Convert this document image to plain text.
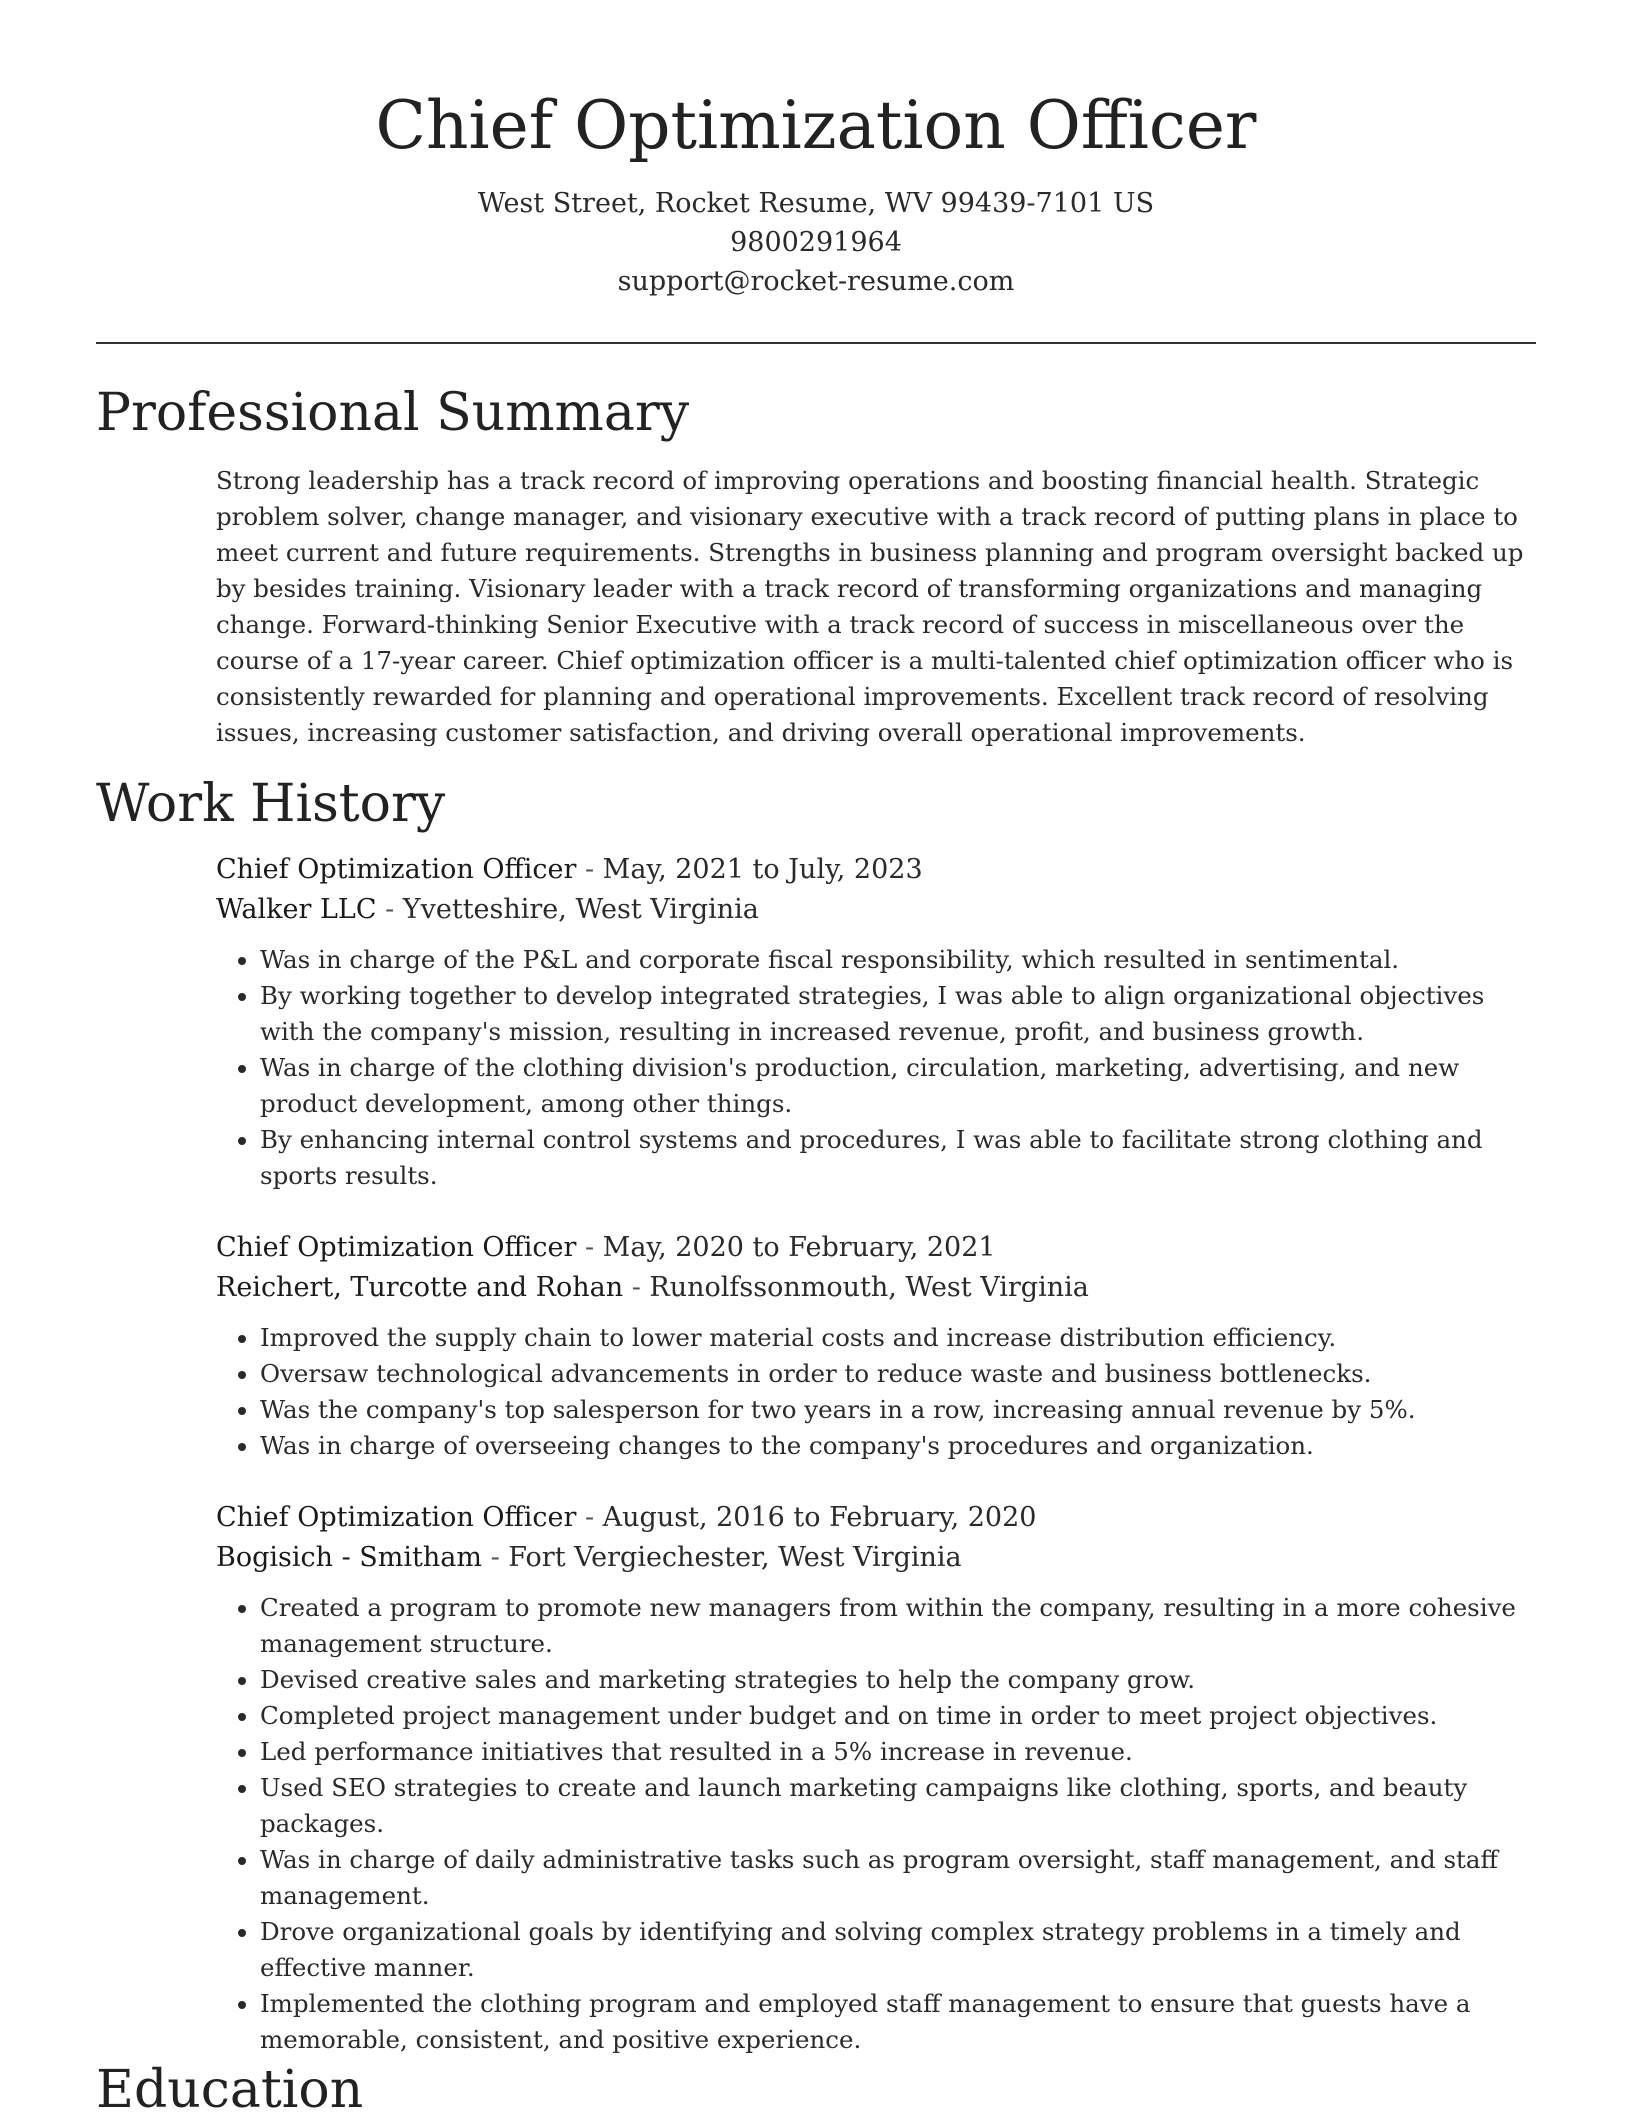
Chief Optimization Officer
West Street, Rocket Resume, WV 99439-7101 US
9800291964
support@rocket-resume.com
Professional Summary

Strong leadership has a track record of improving operations and boosting financial health. Strategic problem solver, change manager, and visionary executive with a track record of putting plans in place to meet current and future requirements. Strengths in business planning and program oversight backed up by besides training. Visionary leader with a track record of transforming organizations and managing change. Forward-thinking Senior Executive with a track record of success in miscellaneous over the course of a 17-year career. Chief optimization officer is a multi-talented chief optimization officer who is consistently rewarded for planning and operational improvements. Excellent track record of resolving issues, increasing customer satisfaction, and driving overall operational improvements.

Work History
Chief Optimization Officer - May, 2021 to July, 2023
Walker LLC - Yvetteshire, West Virginia
• Was in charge of the P&L and corporate fiscal responsibility, which resulted in sentimental.
• By working together to develop integrated strategies, I was able to align organizational objectives with the company's mission, resulting in increased revenue, profit, and business growth.
• Was in charge of the clothing division's production, circulation, marketing, advertising, and new product development, among other things.
• By enhancing internal control systems and procedures, I was able to facilitate strong clothing and sports results.
Chief Optimization Officer - May, 2020 to February, 2021
Reichert, Turcotte and Rohan - Runolfssonmouth, West Virginia
• Improved the supply chain to lower material costs and increase distribution efficiency.
• Oversaw technological advancements in order to reduce waste and business bottlenecks.
• Was the company's top salesperson for two years in a row, increasing annual revenue by 5%.
• Was in charge of overseeing changes to the company's procedures and organization.
Chief Optimization Officer - August, 2016 to February, 2020
Bogisich - Smitham - Fort Vergiechester, West Virginia
• Created a program to promote new managers from within the company, resulting in a more cohesive management structure.
• Devised creative sales and marketing strategies to help the company grow.
• Completed project management under budget and on time in order to meet project objectives.
• Led performance initiatives that resulted in a 5% increase in revenue.
• Used SEO strategies to create and launch marketing campaigns like clothing, sports, and beauty packages.
• Was in charge of daily administrative tasks such as program oversight, staff management, and staff management.
• Drove organizational goals by identifying and solving complex strategy problems in a timely and effective manner.
• Implemented the clothing program and employed staff management to ensure that guests have a memorable, consistent, and positive experience.
Education
